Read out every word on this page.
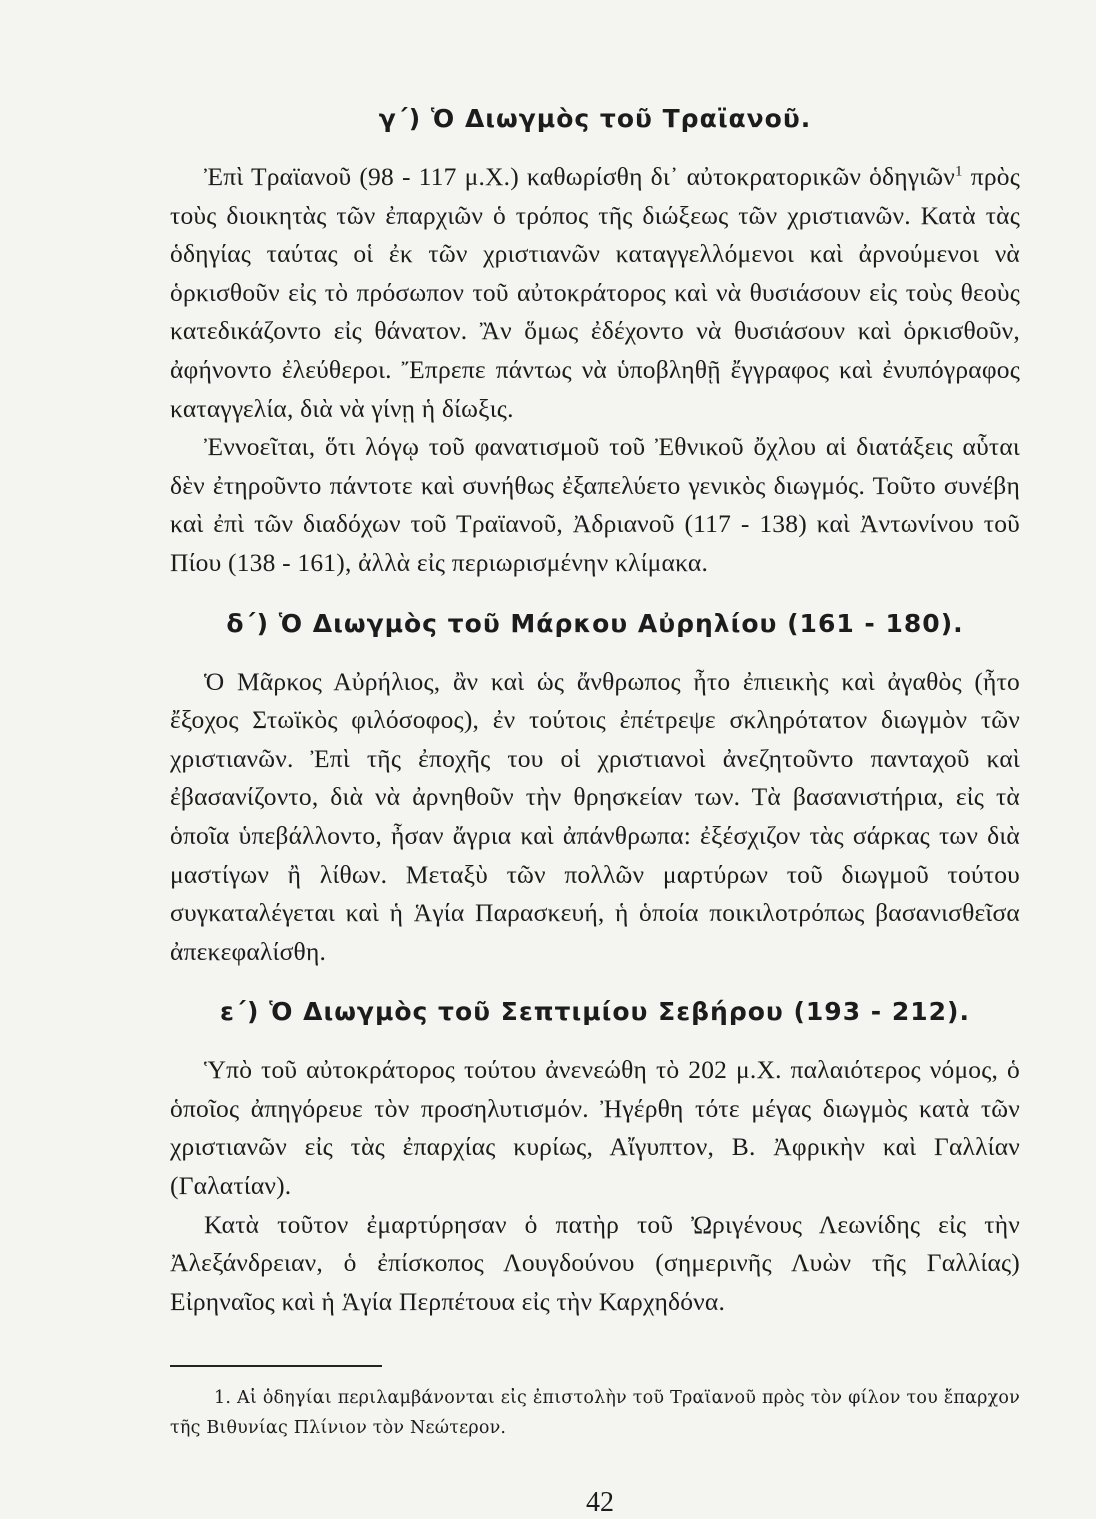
γ΄) Ὁ Διωγμὸς τοῦ Τραϊανοῦ.

Ἐπὶ Τραϊανοῦ (98 - 117 μ.Χ.) καθωρίσθη δι᾽ αὐτοκρατορικῶν ὁδηγιῶν$^1$ πρὸς τοὺς διοικητὰς τῶν ἐπαρχιῶν ὁ τρόπος τῆς διώξεως τῶν χριστιανῶν. Κατὰ τὰς ὁδηγίας ταύτας οἱ ἐκ τῶν χριστιανῶν καταγγελλόμενοι καὶ ἀρνούμενοι νὰ ὁρκισθοῦν εἰς τὸ πρόσωπον τοῦ αὐτοκράτορος καὶ νὰ θυσιάσουν εἰς τοὺς θεοὺς κατεδικάζοντο εἰς θάνατον. Ἂν ὅμως ἐδέχοντο νὰ θυσιάσουν καὶ ὁρκισθοῦν, ἀφήνοντο ἐλεύθεροι. Ἔπρεπε πάντως νὰ ὑποβληθῇ ἔγγραφος καὶ ἐνυπόγραφος καταγγελία, διὰ νὰ γίνῃ ἡ δίωξις.

Ἐννοεῖται, ὅτι λόγῳ τοῦ φανατισμοῦ τοῦ Ἐθνικοῦ ὄχλου αἱ διατάξεις αὗται δὲν ἐτηροῦντο πάντοτε καὶ συνήθως ἐξαπελύετο γενικὸς διωγμός. Τοῦτο συνέβη καὶ ἐπὶ τῶν διαδόχων τοῦ Τραϊανοῦ, Ἀδριανοῦ (117 - 138) καὶ Ἀντωνίνου τοῦ Πίου (138 - 161), ἀλλὰ εἰς περιωρισμένην κλίμακα.

δ΄) Ὁ Διωγμὸς τοῦ Μάρκου Αὐρηλίου (161 - 180).

Ὁ Μᾶρκος Αὐρήλιος, ἂν καὶ ὡς ἄνθρωπος ἦτο ἐπιεικὴς καὶ ἀγαθὸς (ἦτο ἔξοχος Στωϊκὸς φιλόσοφος), ἐν τούτοις ἐπέτρεψε σκληρότατον διωγμὸν τῶν χριστιανῶν. Ἐπὶ τῆς ἐποχῆς του οἱ χριστιανοὶ ἀνεζητοῦντο πανταχοῦ καὶ ἐβασανίζοντο, διὰ νὰ ἀρνηθοῦν τὴν θρησκείαν των. Τὰ βασανιστήρια, εἰς τὰ ὁποῖα ὑπεβάλλοντο, ἦσαν ἄγρια καὶ ἀπάνθρωπα: ἐξέσχιζον τὰς σάρκας των διὰ μαστίγων ἢ λίθων. Μεταξὺ τῶν πολλῶν μαρτύρων τοῦ διωγμοῦ τούτου συγκαταλέγεται καὶ ἡ Ἁγία Παρασκευή, ἡ ὁποία ποικιλοτρόπως βασανισθεῖσα ἀπεκεφαλίσθη.

ε΄) Ὁ Διωγμὸς τοῦ Σεπτιμίου Σεβήρου (193 - 212).

Ὑπὸ τοῦ αὐτοκράτορος τούτου ἀνενεώθη τὸ 202 μ.Χ. παλαιότερος νόμος, ὁ ὁποῖος ἀπηγόρευε τὸν προσηλυτισμόν. Ἠγέρθη τότε μέγας διωγμὸς κατὰ τῶν χριστιανῶν εἰς τὰς ἐπαρχίας κυρίως, Αἴγυπτον, Β. Ἀφρικὴν καὶ Γαλλίαν (Γαλατίαν).

Κατὰ τοῦτον ἐμαρτύρησαν ὁ πατὴρ τοῦ Ὠριγένους Λεωνίδης εἰς τὴν Ἀλεξάνδρειαν, ὁ ἐπίσκοπος Λουγδούνου (σημερινῆς Λυὼν τῆς Γαλλίας) Εἰρηναῖος καὶ ἡ Ἁγία Περπέτουα εἰς τὴν Καρχηδόνα.

1. Αἱ ὁδηγίαι περιλαμβάνονται εἰς ἐπιστολὴν τοῦ Τραϊανοῦ πρὸς τὸν φίλον του ἔπαρχον τῆς Βιθυνίας Πλίνιον τὸν Νεώτερον.

42
